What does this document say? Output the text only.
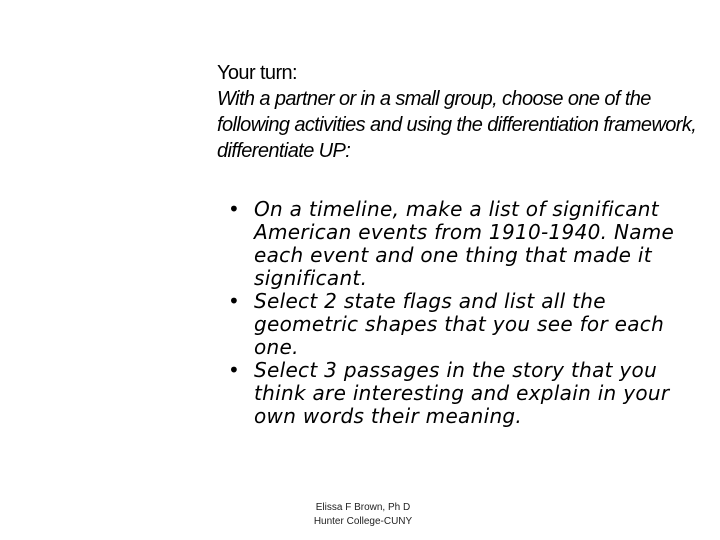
Your turn:
With a partner or in a small group, choose one of the following activities and using the differentiation framework, differentiate UP:
• On a timeline, make a list of significant American events from 1910-1940. Name each event and one thing that made it significant.
• Select 2 state flags and list all the geometric shapes that you see for each one.
• Select 3 passages in the story that you think are interesting and explain in your own words their meaning.
Elissa F Brown, Ph D
Hunter College-CUNY
